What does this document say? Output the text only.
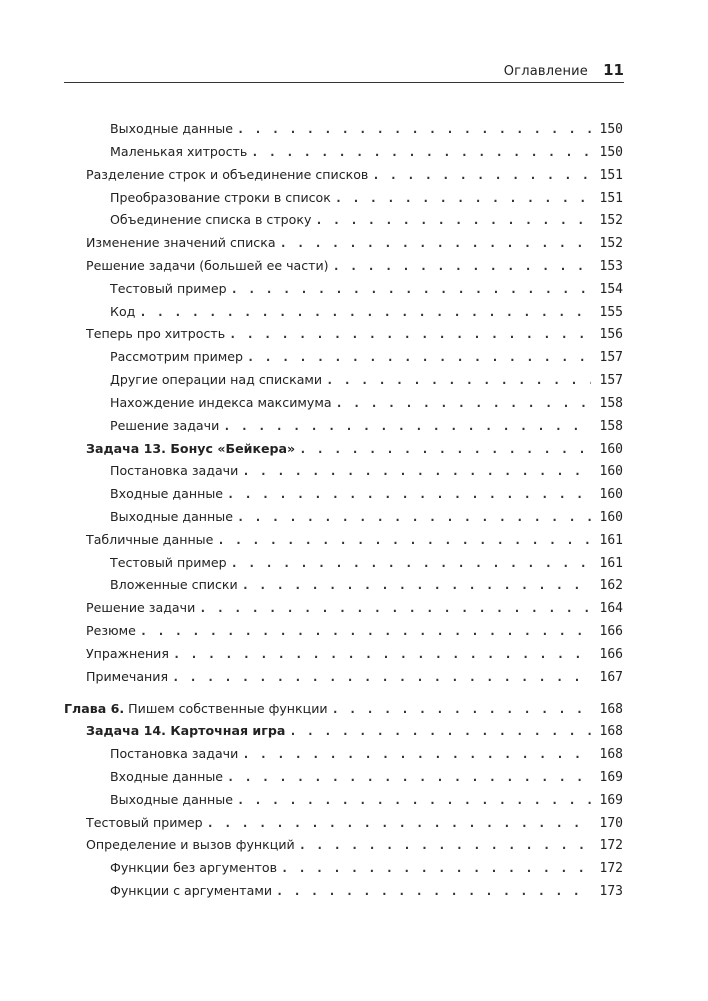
Оглавление 11
Выходные данные . . .	150
Маленькая хитрость . . .	150
Разделение строк и объединение списков . . .	151
Преобразование строки в список . . .	151
Объединение списка в строку . . .	152
Изменение значений списка . . .	152
Решение задачи (большей ее части) . . .	153
Тестовый пример . . .	154
Код . . .	155
Теперь про хитрость . . .	156
Рассмотрим пример . . .	157
Другие операции над списками . . .	157
Нахождение индекса максимума . . .	158
Решение задачи . . .	158
Задача 13. Бонус «Бейкера» . . .	160
Постановка задачи . . .	160
Входные данные . . .	160
Выходные данные . . .	160
Табличные данные . . .	161
Тестовый пример . . .	161
Вложенные списки . . .	162
Решение задачи . . .	164
Резюме . . .	166
Упражнения . . .	166
Примечания . . .	167
Глава 6. Пишем собственные функции . . .	168
Задача 14. Карточная игра . . .	168
Постановка задачи . . .	168
Входные данные . . .	169
Выходные данные . . .	169
Тестовый пример . . .	170
Определение и вызов функций . . .	172
Функции без аргументов . . .	172
Функции с аргументами . . .	173
